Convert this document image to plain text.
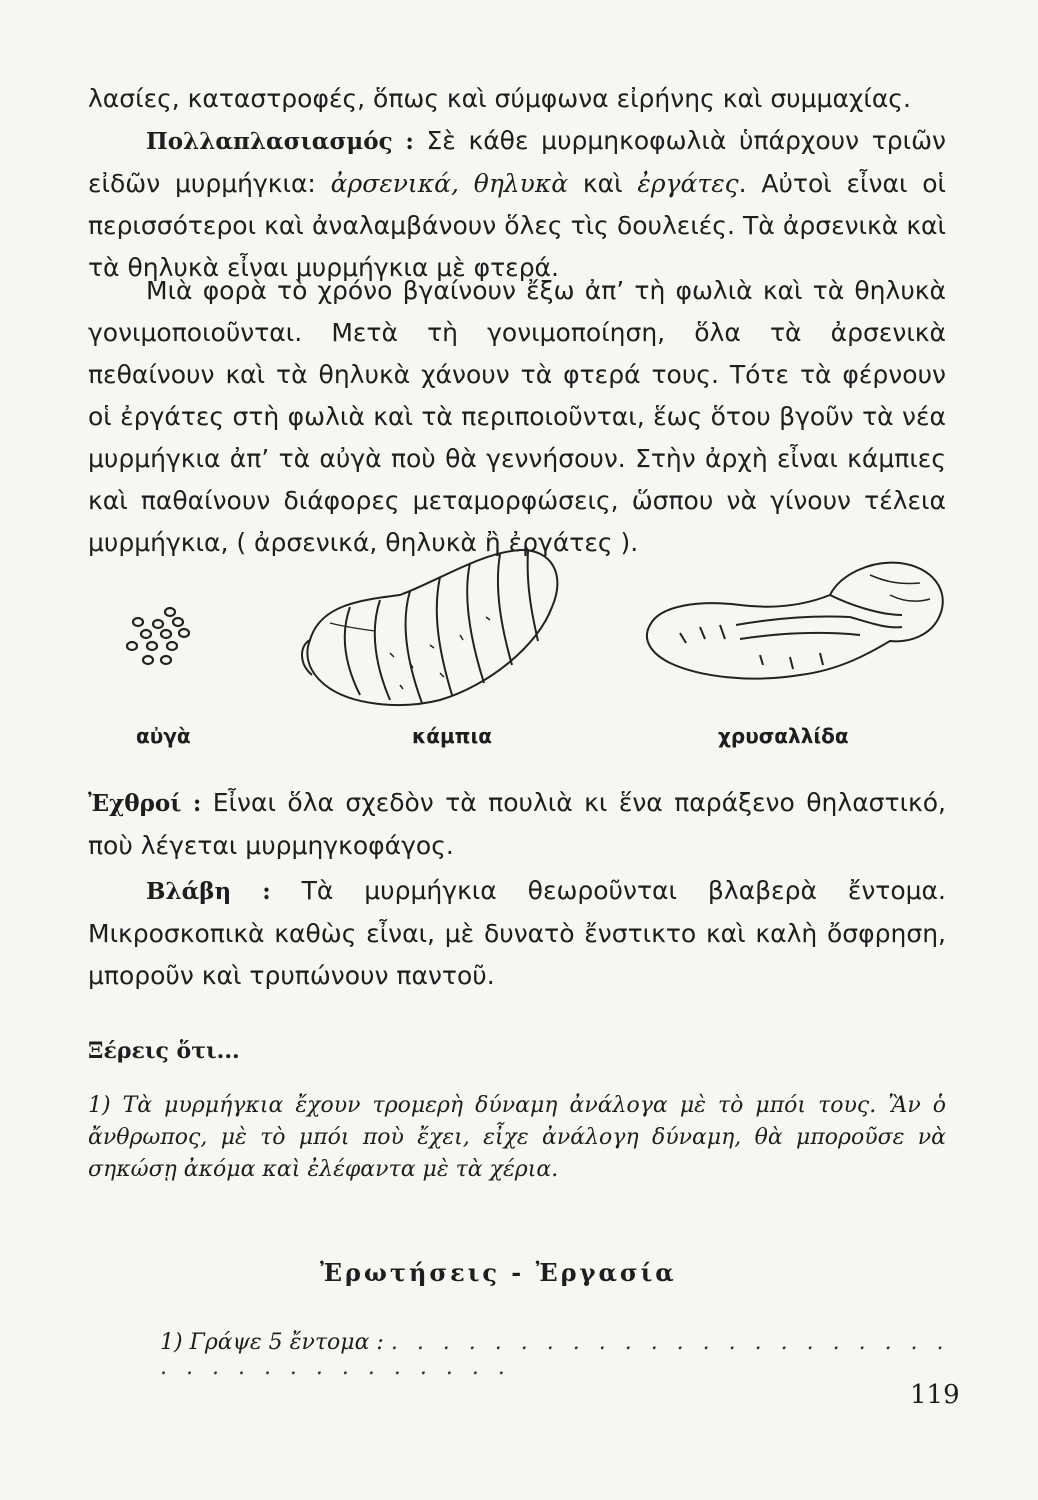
λασίες, καταστροφές, ὅπως καὶ σύμφωνα εἰρήνης καὶ συμμαχίας.

Πολλαπλασιασμός : Σὲ κάθε μυρμηκοφωλιὰ ὑπάρχουν τριῶν εἰδῶν μυρμήγκια: ἀρσενικά, θηλυκὰ καὶ ἐργάτες. Αὐτοὶ εἶναι οἱ περισσότεροι καὶ ἀναλαμβάνουν ὅλες τὶς δουλειές. Τὰ ἀρσενικὰ καὶ τὰ θηλυκὰ εἶναι μυρμήγκια μὲ φτερά.

Μιὰ φορὰ τὸ χρόνο βγαίνουν ἔξω ἀπ’ τὴ φωλιὰ καὶ τὰ θηλυκὰ γονιμοποιοῦνται. Μετὰ τὴ γονιμοποίηση, ὅλα τὰ ἀρσενικὰ πεθαίνουν καὶ τὰ θηλυκὰ χάνουν τὰ φτερά τους. Τότε τὰ φέρνουν οἱ ἐργάτες στὴ φωλιὰ καὶ τὰ περιποιοῦνται, ἕως ὅτου βγοῦν τὰ νέα μυρμήγκια ἀπ’ τὰ αὐγὰ ποὺ θὰ γεννήσουν. Στὴν ἀρχὴ εἶναι κάμπιες καὶ παθαίνουν διάφορες μεταμορφώσεις, ὥσπου νὰ γίνουν τέλεια μυρμήγκια, ( ἀρσενικά, θηλυκὰ ἢ ἐργάτες ).

αὐγὰ	κάμπια	χρυσαλλίδα

Ἐχθροί : Εἶναι ὅλα σχεδὸν τὰ πουλιὰ κι ἕνα παράξενο θηλαστικό, ποὺ λέγεται μυρμηγκοφάγος.

Βλάβη : Τὰ μυρμήγκια θεωροῦνται βλαβερὰ ἔντομα. Μικροσκοπικὰ καθὼς εἶναι, μὲ δυνατὸ ἔνστικτο καὶ καλὴ ὄσφρηση, μποροῦν καὶ τρυπώνουν παντοῦ.

Ξέρεις ὅτι...

1) Τὰ μυρμήγκια ἔχουν τρομερὴ δύναμη ἀνάλογα μὲ τὸ μπόι τους. Ἂν ὁ ἄνθρωπος, μὲ τὸ μπόι ποὺ ἔχει, εἶχε ἀνάλογη δύναμη, θὰ μποροῦσε νὰ σηκώσῃ ἀκόμα καὶ ἐλέφαντα μὲ τὰ χέρια.

Ἐρωτήσεις - Ἐργασία
1) Γράψε 5 ἔντομα : . . . . . . . . . . . . . . . . . . . . . . . . . . . . . . . . . . . .
119
